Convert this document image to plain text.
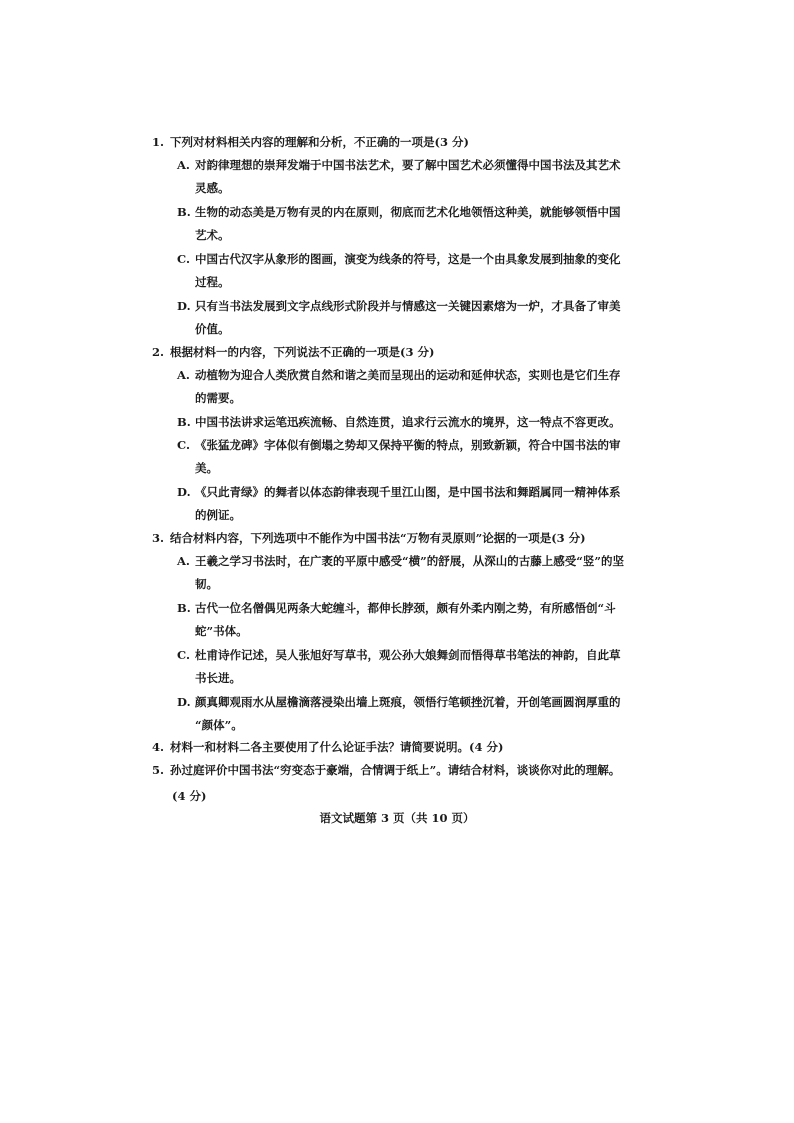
1. 下列对材料相关内容的理解和分析，不正确的一项是(3 分)
A. 对韵律理想的崇拜发端于中国书法艺术，要了解中国艺术必须懂得中国书法及其艺术
灵感。
B. 生物的动态美是万物有灵的内在原则，彻底而艺术化地领悟这种美，就能够领悟中国
艺术。
C. 中国古代汉字从象形的图画，演变为线条的符号，这是一个由具象发展到抽象的变化
过程。
D. 只有当书法发展到文字点线形式阶段并与情感这一关键因素熔为一炉，才具备了审美
价值。
2. 根据材料一的内容，下列说法不正确的一项是(3 分)
A. 动植物为迎合人类欣赏自然和谐之美而呈现出的运动和延伸状态，实则也是它们生存
的需要。
B. 中国书法讲求运笔迅疾流畅、自然连贯，追求行云流水的境界，这一特点不容更改。
C. 《张猛龙碑》字体似有倒塌之势却又保持平衡的特点，别致新颖，符合中国书法的审
美。
D. 《只此青绿》的舞者以体态韵律表现千里江山图，是中国书法和舞蹈属同一精神体系
的例证。
3. 结合材料内容，下列选项中不能作为中国书法“万物有灵原则”论据的一项是(3 分)
A. 王羲之学习书法时，在广袤的平原中感受“横”的舒展，从深山的古藤上感受“竖”的坚
韧。
B. 古代一位名僧偶见两条大蛇缠斗，都伸长脖颈，颇有外柔内刚之势，有所感悟创“斗
蛇”书体。
C. 杜甫诗作记述，吴人张旭好写草书，观公孙大娘舞剑而悟得草书笔法的神韵，自此草
书长进。
D. 颜真卿观雨水从屋檐滴落浸染出墙上斑痕，领悟行笔顿挫沉着，开创笔画圆润厚重的
“颜体”。
4. 材料一和材料二各主要使用了什么论证手法？请简要说明。(4 分)
5. 孙过庭评价中国书法“穷变态于豪端，合情调于纸上”。请结合材料，谈谈你对此的理解。
(4 分)
语文试题第 3 页（共 10 页）
